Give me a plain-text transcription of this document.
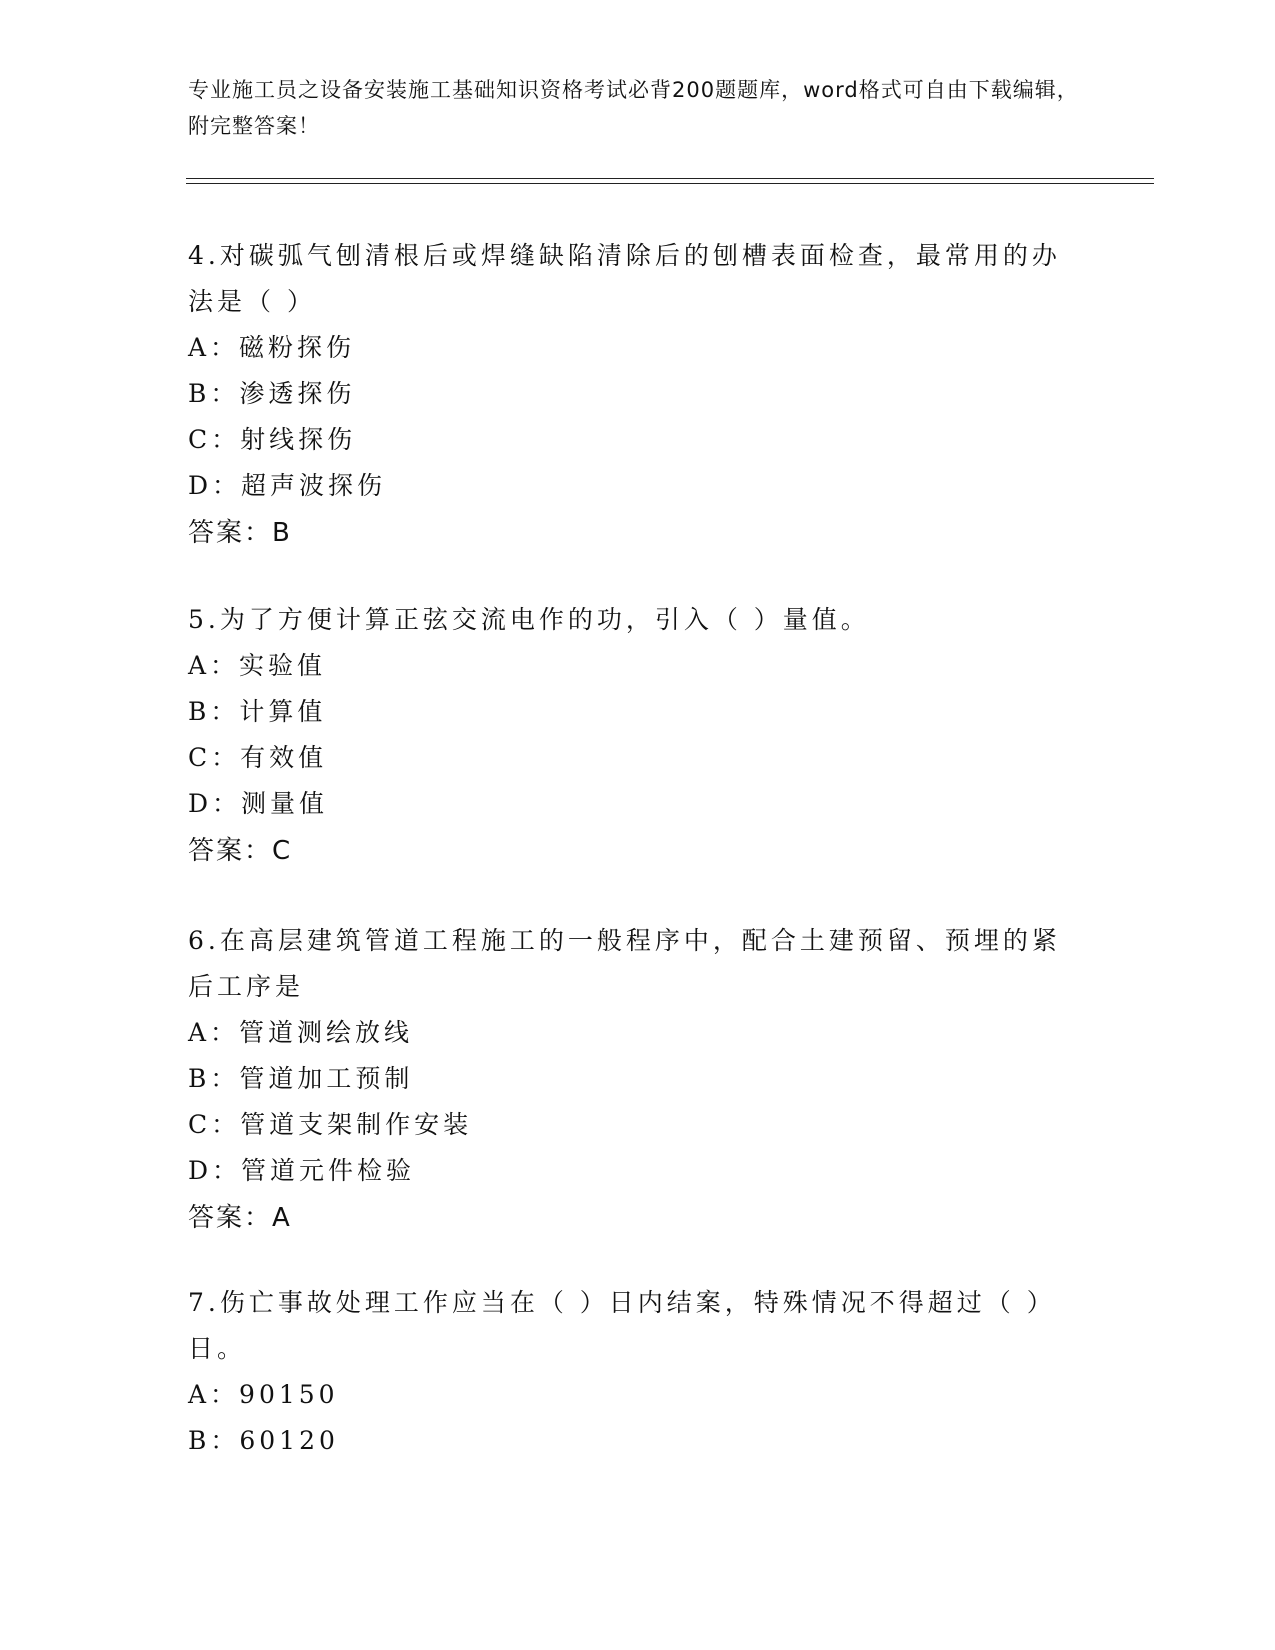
专业施工员之设备安装施工基础知识资格考试必背200题题库，word格式可自由下载编辑，附完整答案！
4.对碳弧气刨清根后或焊缝缺陷清除后的刨槽表面检查，最常用的办法是（ ）
A：磁粉探伤
B：渗透探伤
C：射线探伤
D：超声波探伤
答案：B
5.为了方便计算正弦交流电作的功，引入（ ）量值。
A：实验值
B：计算值
C：有效值
D：测量值
答案：C
6.在高层建筑管道工程施工的一般程序中，配合土建预留、预埋的紧后工序是
A：管道测绘放线
B：管道加工预制
C：管道支架制作安装
D：管道元件检验
答案：A
7.伤亡事故处理工作应当在（ ）日内结案，特殊情况不得超过（ ）日。
A：90150
B：60120
